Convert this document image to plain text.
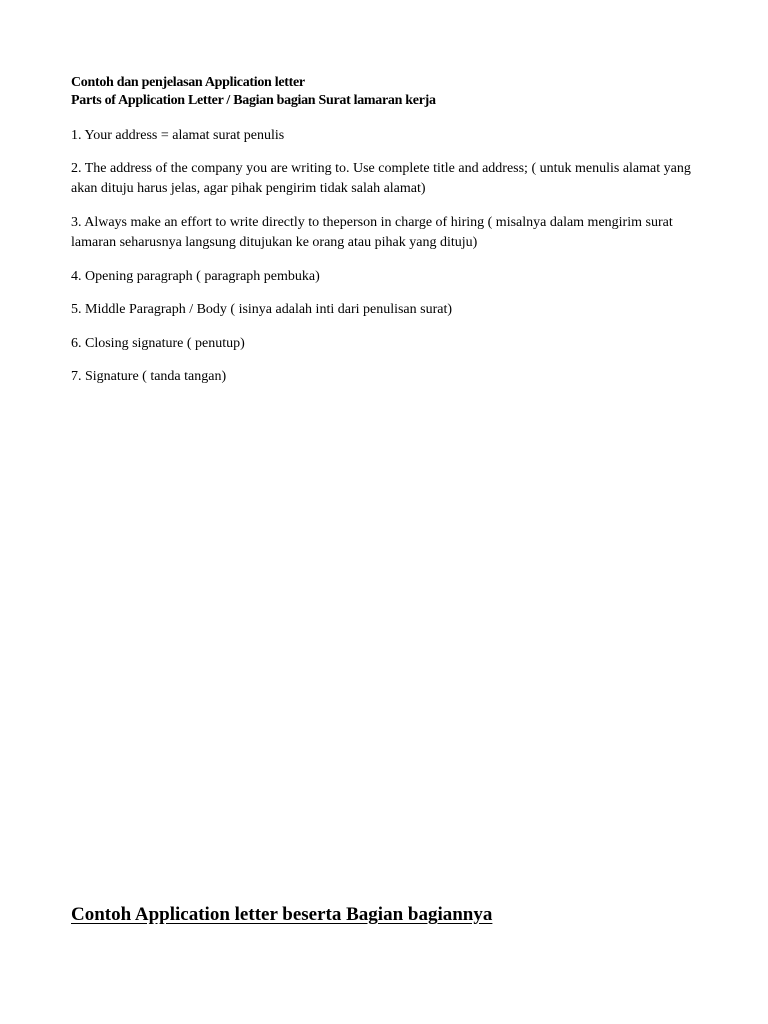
Contoh dan penjelasan Application letter
Parts of Application Letter / Bagian bagian Surat lamaran kerja
1. Your address = alamat surat penulis
2. The address of the company you are writing to. Use complete title and address; ( untuk menulis alamat yang akan dituju harus jelas, agar pihak pengirim tidak salah alamat)
3. Always make an effort to write directly to theperson in charge of hiring ( misalnya dalam mengirim surat lamaran seharusnya langsung ditujukan ke orang atau pihak yang dituju)
4. Opening paragraph ( paragraph pembuka)
5. Middle Paragraph / Body ( isinya adalah inti dari penulisan surat)
6. Closing signature ( penutup)
7. Signature ( tanda tangan)
Contoh Application letter beserta Bagian bagiannya
